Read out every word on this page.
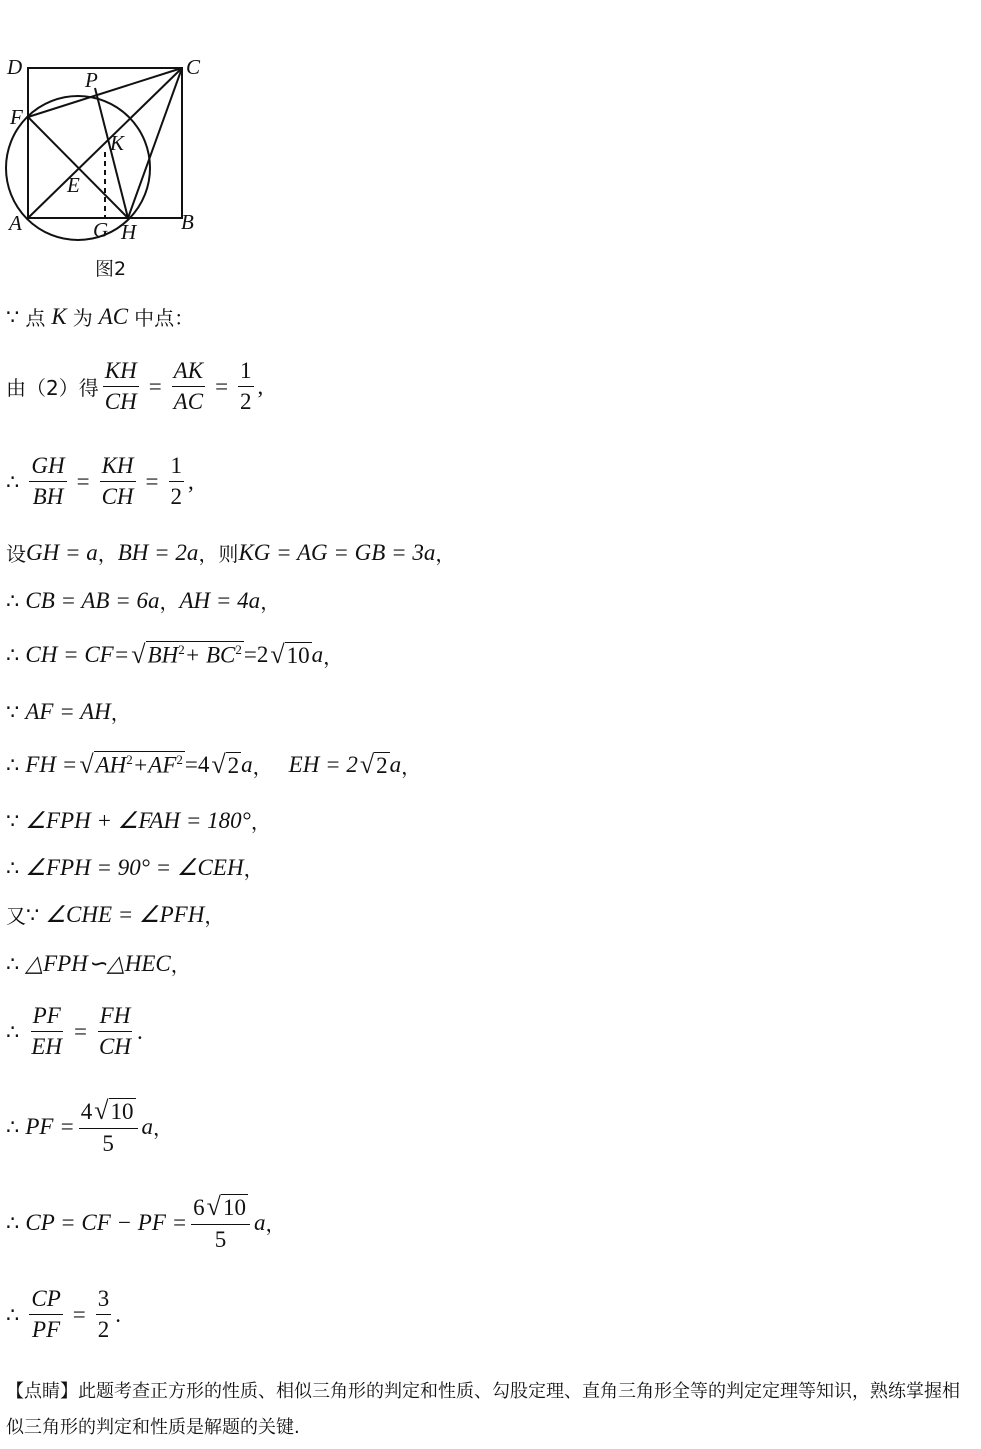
D	C
P
F
K
E
A	G H B
图2
∵ 点 K 为 AC 中点：
由（2）得 $\frac{KH}{CH} = \frac{AK}{AC} = \frac{1}{2}$ ,
∴ $\frac{GH}{BH} = \frac{KH}{CH} = \frac{1}{2}$ ,
设 GH = a ， BH = 2a ，则 KG = AG = GB = 3a ，
∴ CB = AB = 6a ， AH = 4a ，
∴ CH = CF= √ $BH^2+ BC^2 =2$ √ 10 a ，
∵ AF = AH ，
∴ FH = √ $AH^2+AF^2 =4$ √ 2 a ， EH = 2 √ 2 a ，
∵ ∠FPH + ∠FAH = 180° ，
∴ ∠FPH = 90° = ∠CEH ，
又 ∵ ∠CHE = ∠PFH ，
∴ △FPH∽△HEC ，
∴ $\frac{PF}{EH} = \frac{FH}{CH}$ .
∴ PF = $\frac{4√10}{5}$ a ，
∴ CP = CF − PF = $\frac{6√10}{5}$ a ，
∴ $\frac{CP}{PF} = \frac{3}{2}$ .
【点睛】此题考查正方形的性质、相似三角形的判定和性质、勾股定理、直角三角形全等的判定定理等知识，熟练掌握相似三角形的判定和性质是解题的关键.
